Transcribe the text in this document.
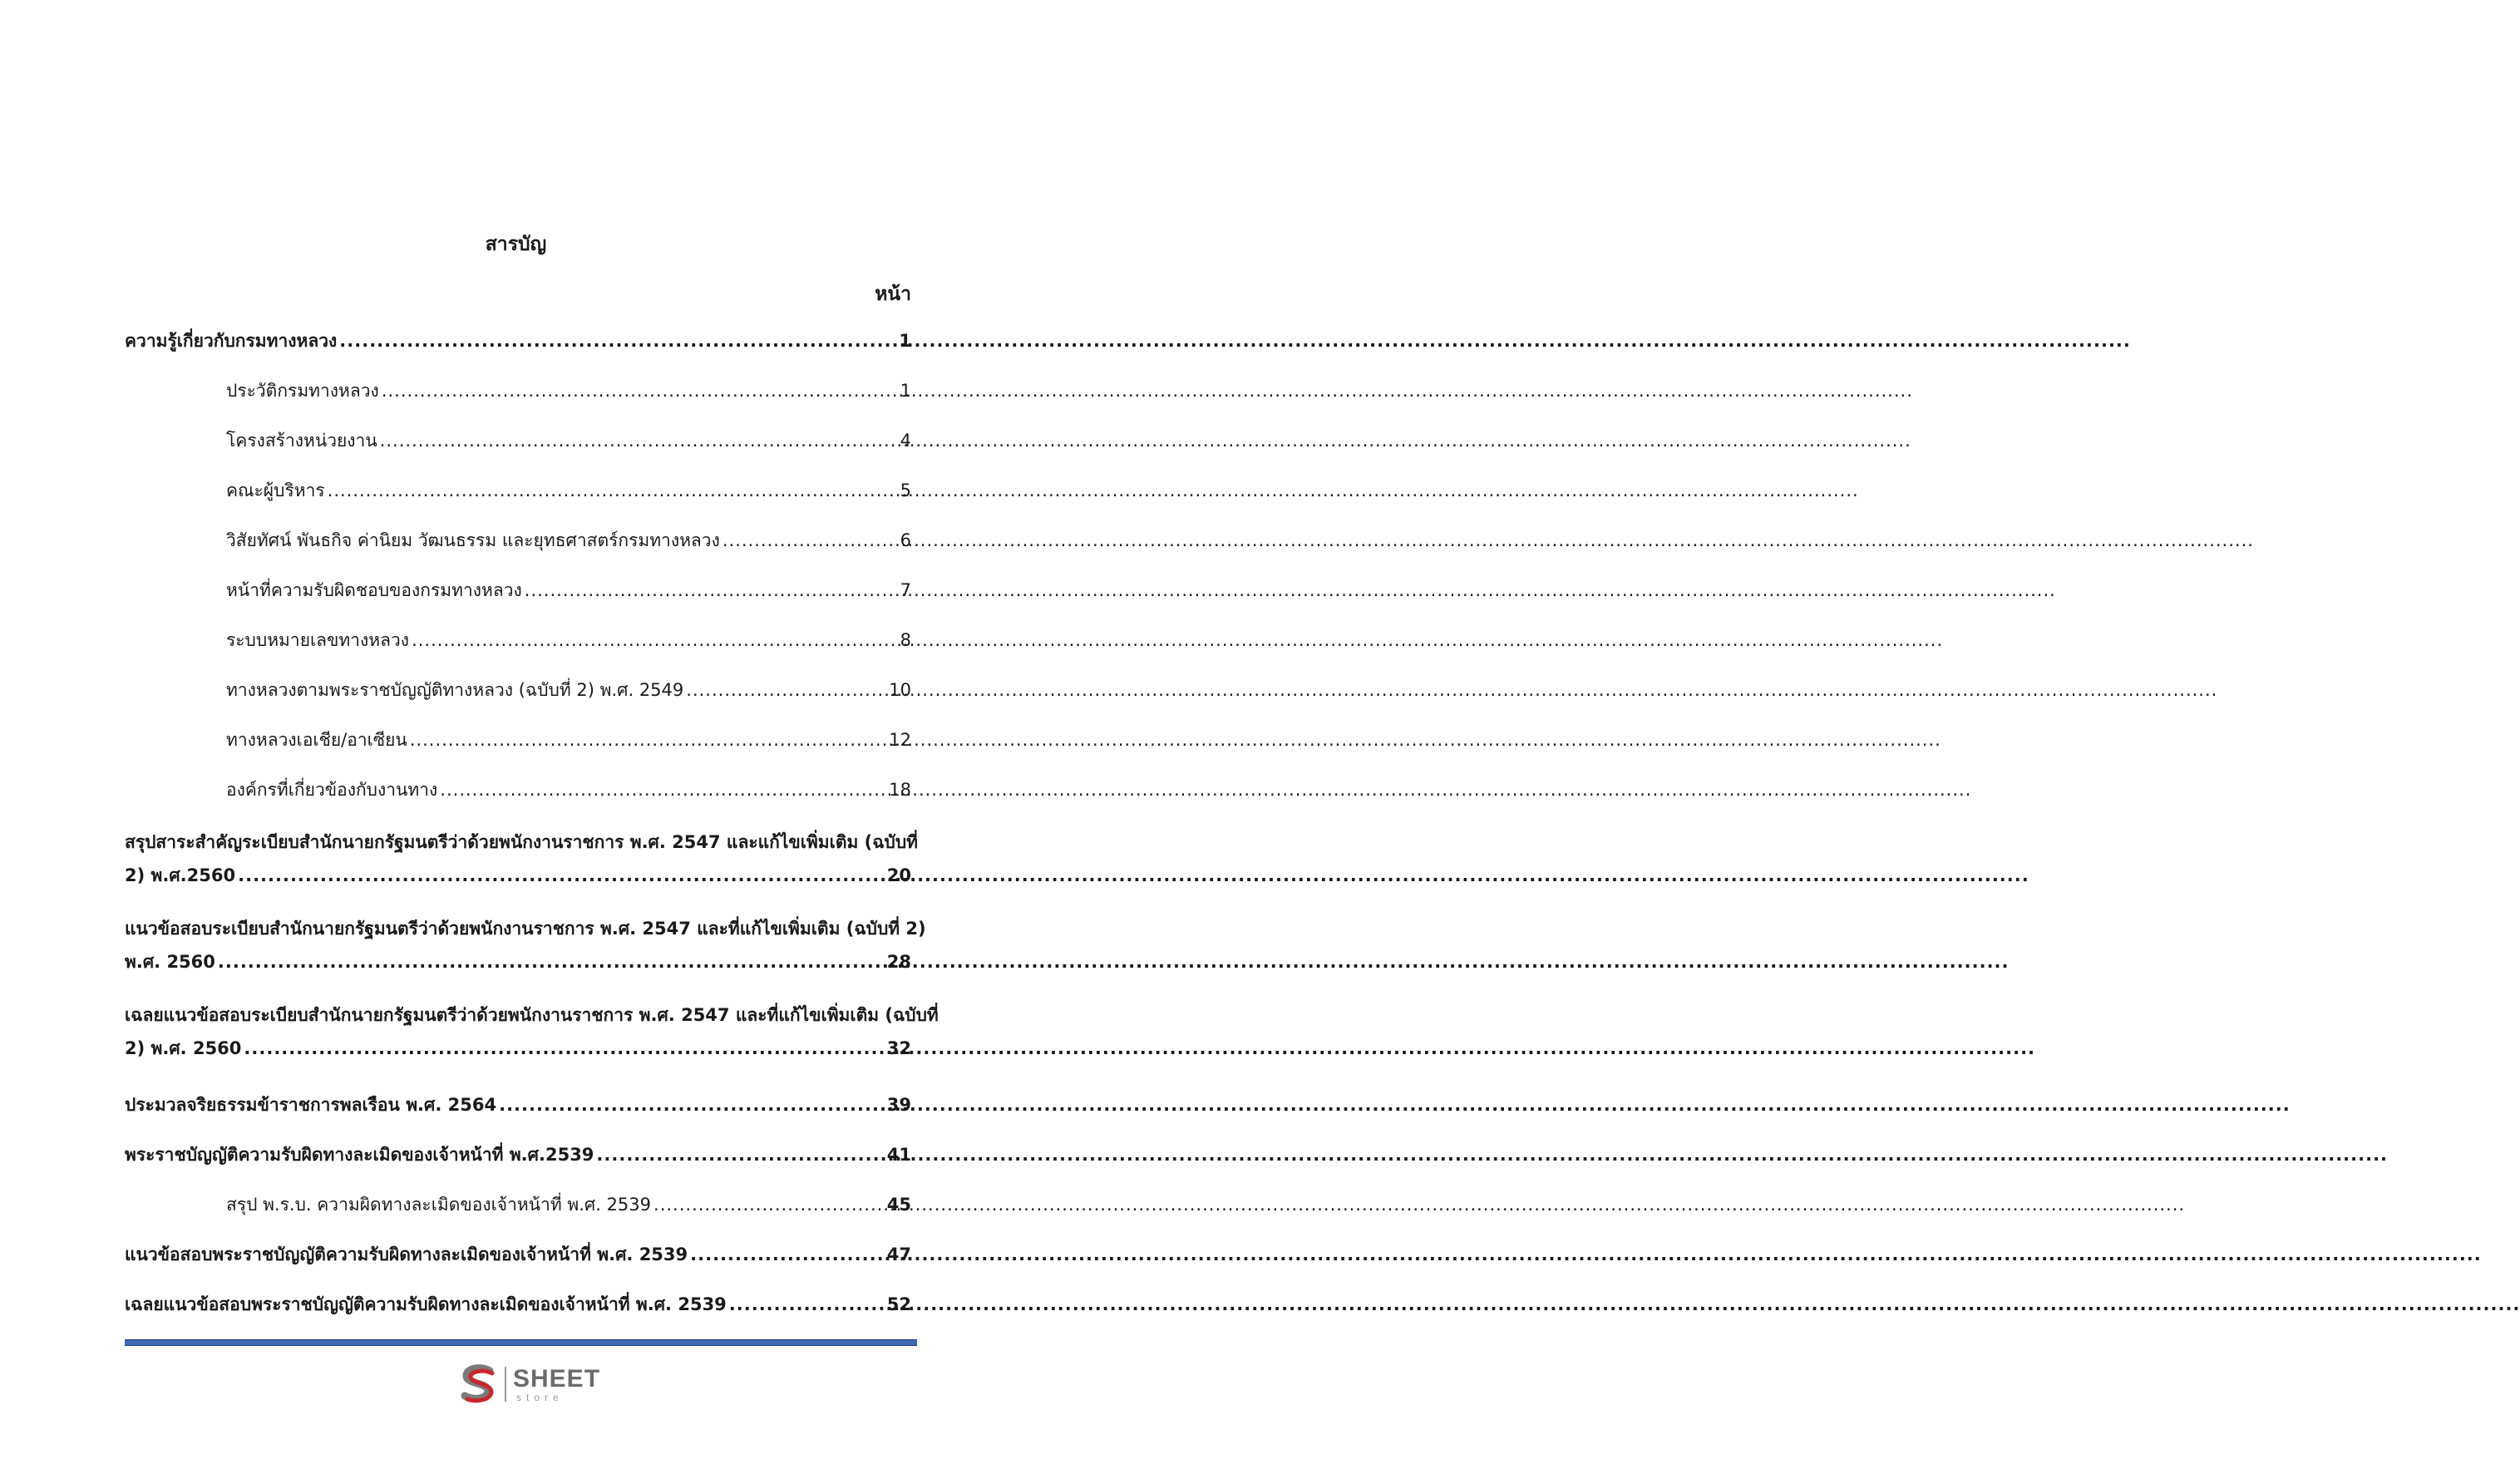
สารบัญ
หน้า
ความรู้เกี่ยวกับกรมทางหลวง .....	1
ประวัติกรมทางหลวง .....	1
โครงสร้างหน่วยงาน .....	4
คณะผู้บริหาร .....	5
วิสัยทัศน์ พันธกิจ ค่านิยม วัฒนธรรม และยุทธศาสตร์กรมทางหลวง .....	6
หน้าที่ความรับผิดชอบของกรมทางหลวง .....	7
ระบบหมายเลขทางหลวง .....	8
ทางหลวงตามพระราชบัญญัติทางหลวง (ฉบับที่ 2) พ.ศ. 2549 .....	10
ทางหลวงเอเชีย/อาเซียน .....	12
องค์กรที่เกี่ยวข้องกับงานทาง .....	18
สรุปสาระสำคัญระเบียบสำนักนายกรัฐมนตรีว่าด้วยพนักงานราชการ พ.ศ. 2547 และแก้ไขเพิ่มเติม (ฉบับที่
2) พ.ศ.2560 .....	20
แนวข้อสอบระเบียบสำนักนายกรัฐมนตรีว่าด้วยพนักงานราชการ พ.ศ. 2547 และที่แก้ไขเพิ่มเติม (ฉบับที่ 2)
พ.ศ. 2560 .....	28
เฉลยแนวข้อสอบระเบียบสำนักนายกรัฐมนตรีว่าด้วยพนักงานราชการ พ.ศ. 2547 และที่แก้ไขเพิ่มเติม (ฉบับที่
2) พ.ศ. 2560 .....	32
ประมวลจริยธรรมข้าราชการพลเรือน พ.ศ. 2564 .....	39
พระราชบัญญัติความรับผิดทางละเมิดของเจ้าหน้าที่ พ.ศ.2539 .....	41
สรุป พ.ร.บ. ความผิดทางละเมิดของเจ้าหน้าที่ พ.ศ. 2539 .....	45
แนวข้อสอบพระราชบัญญัติความรับผิดทางละเมิดของเจ้าหน้าที่ พ.ศ. 2539 .....	47
เฉลยแนวข้อสอบพระราชบัญญัติความรับผิดทางละเมิดของเจ้าหน้าที่ พ.ศ. 2539 .....	52
SHEET
store
